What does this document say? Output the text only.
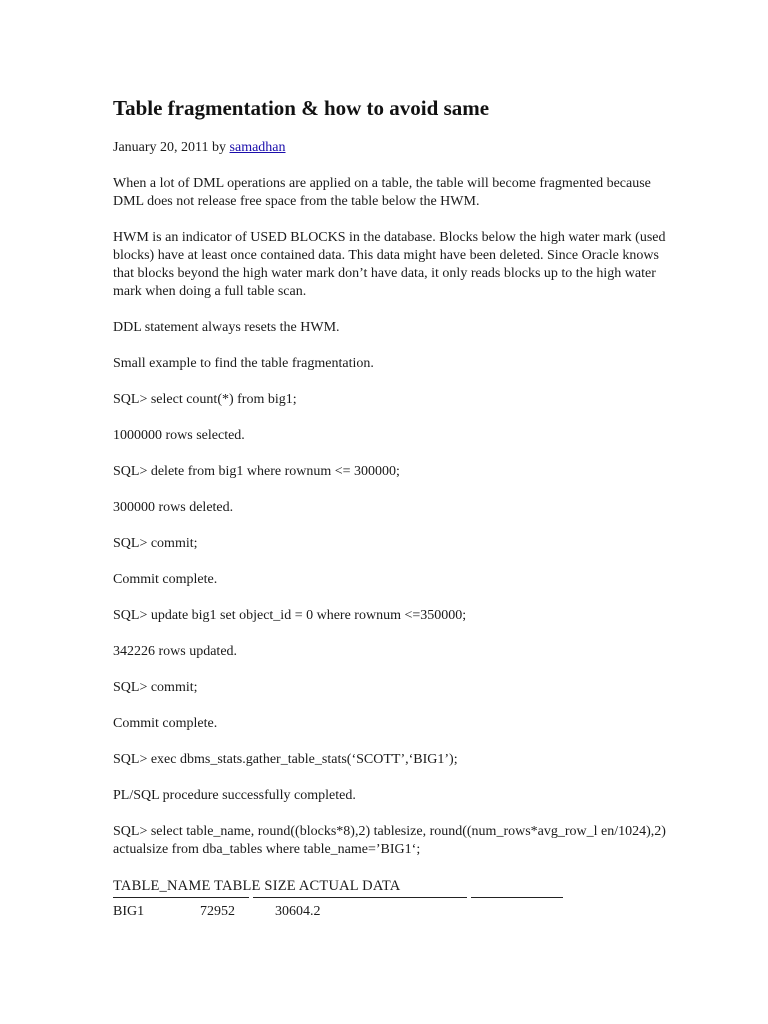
Table fragmentation & how to avoid same
January 20, 2011 by samadhan

When a lot of DML operations are applied on a table, the table will become fragmented because DML does not release free space from the table below the HWM.

HWM is an indicator of USED BLOCKS in the database. Blocks below the high water mark (used blocks) have at least once contained data. This data might have been deleted. Since Oracle knows that blocks beyond the high water mark don’t have data, it only reads blocks up to the high water mark when doing a full table scan.

DDL statement always resets the HWM.

Small example to find the table fragmentation.

SQL> select count(*) from big1;

1000000 rows selected.

SQL> delete from big1 where rownum <= 300000;

300000 rows deleted.

SQL> commit;

Commit complete.

SQL> update big1 set object_id = 0 where rownum <=350000;

342226 rows updated.

SQL> commit;

Commit complete.

SQL> exec dbms_stats.gather_table_stats(‘SCOTT’,‘BIG1’);

PL/SQL procedure successfully completed.

SQL> select table_name, round((blocks*8),2) tablesize, round((num_rows*avg_row_l en/1024),2) actualsize from dba_tables where table_name=’BIG1‘;

TABLE_NAME TABLE SIZE ACTUAL DATA
BIG1	72952	30604.2
